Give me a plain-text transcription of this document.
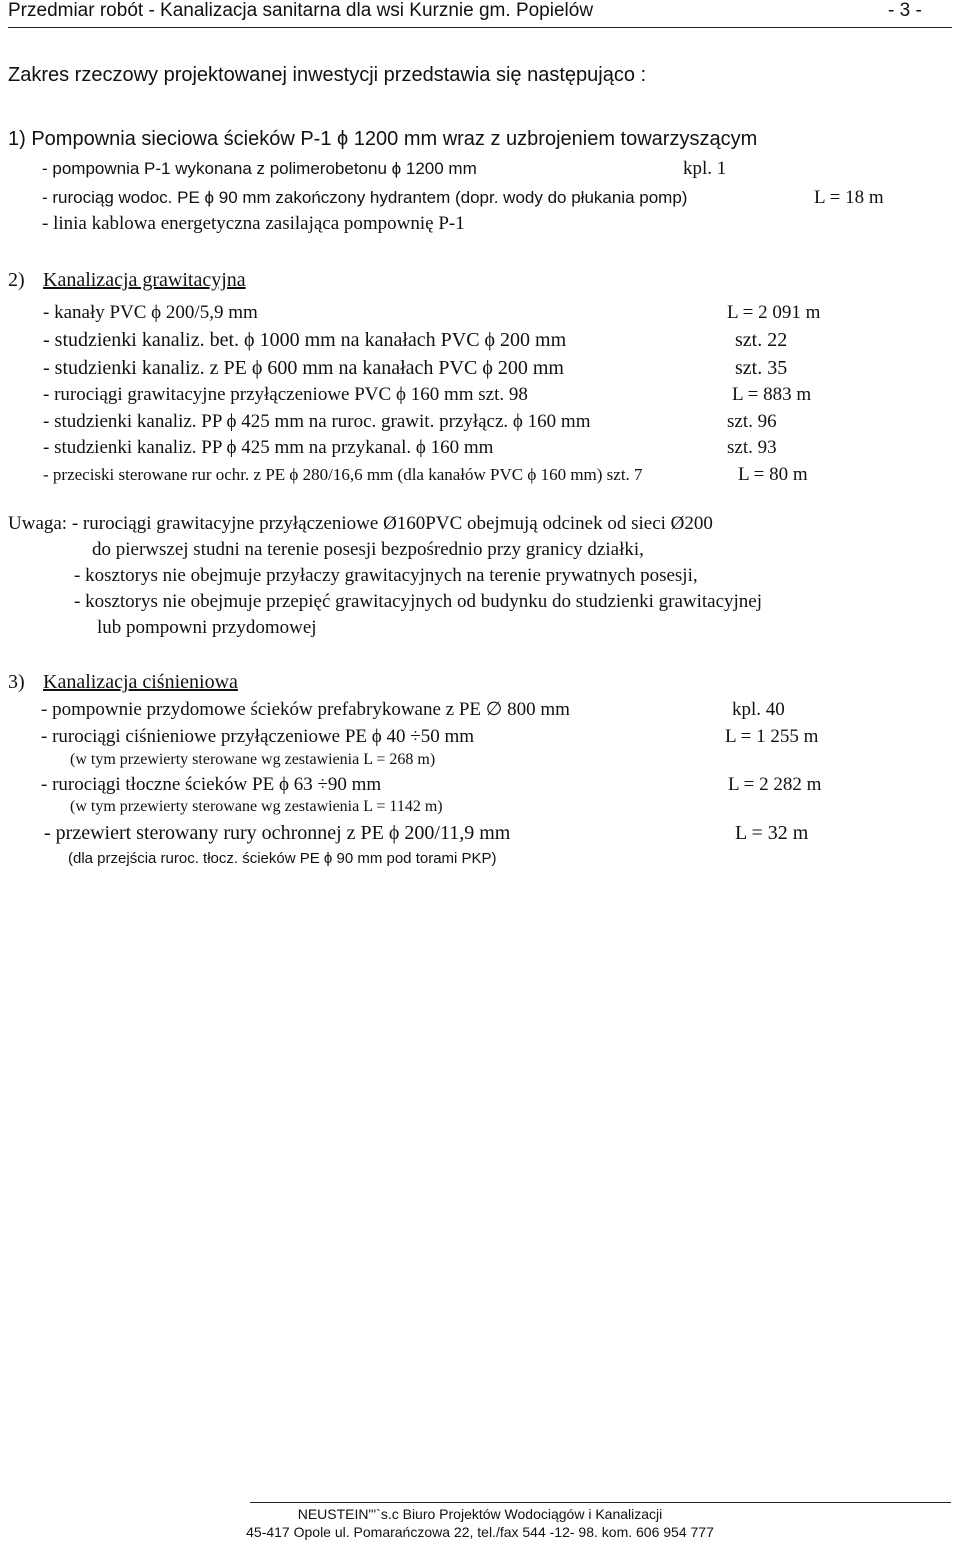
Przedmiar robót - Kanalizacja sanitarna dla wsi Kurznie gm. Popielów	- 3 -
Zakres rzeczowy projektowanej inwestycji przedstawia się następująco :
1) Pompownia sieciowa ścieków P-1 ϕ 1200 mm wraz z uzbrojeniem towarzyszącym
- pompownia P-1 wykonana z polimerobetonu ϕ 1200 mm	kpl. 1
- rurociąg wodoc. PE ϕ 90 mm zakończony hydrantem (dopr. wody do płukania pomp)	L = 18 m
- linia kablowa energetyczna zasilająca pompownię P-1
2) Kanalizacja grawitacyjna
- kanały PVC ϕ 200/5,9 mm	L = 2 091 m
- studzienki kanaliz. bet. ϕ 1000 mm na kanałach PVC ϕ 200 mm	szt. 22
- studzienki kanaliz. z PE ϕ 600 mm na kanałach PVC ϕ 200 mm	szt. 35
- rurociągi grawitacyjne przyłączeniowe PVC ϕ 160 mm szt. 98	L = 883 m
- studzienki kanaliz. PP ϕ 425 mm na ruroc. grawit. przyłącz. ϕ 160 mm	szt. 96
- studzienki kanaliz. PP ϕ 425 mm na przykanal. ϕ 160 mm	szt. 93
- przeciski sterowane rur ochr. z PE ϕ 280/16,6 mm (dla kanałów PVC ϕ 160 mm) szt. 7	L = 80 m
Uwaga: - rurociągi grawitacyjne przyłączeniowe Ø160PVC obejmują odcinek od sieci Ø200
do pierwszej studni na terenie posesji bezpośrednio przy granicy działki,
- kosztorys nie obejmuje przyłaczy grawitacyjnych na terenie prywatnych posesji,
- kosztorys nie obejmuje przepięć grawitacyjnych od budynku do studzienki grawitacyjnej
lub pompowni przydomowej
3) Kanalizacja ciśnieniowa
- pompownie przydomowe ścieków prefabrykowane z PE ∅ 800 mm	kpl. 40
- rurociągi ciśnieniowe przyłączeniowe PE ϕ 40 ÷50 mm	L = 1 255 m
(w tym przewierty sterowane wg zestawienia L = 268 m)
- rurociągi tłoczne ścieków PE ϕ 63 ÷90 mm	L = 2 282 m
(w tym przewierty sterowane wg zestawienia L = 1142 m)
- przewiert sterowany rury ochronnej z PE ϕ 200/11,9 mm	L = 32 m
(dla przejścia ruroc. tłocz. ścieków PE ϕ 90 mm pod torami PKP)
NEUSTEIN"'`s.c Biuro Projektów Wodociągów i Kanalizacji
45-417 Opole ul. Pomarańczowa 22, tel./fax 544 -12- 98. kom. 606 954 777
